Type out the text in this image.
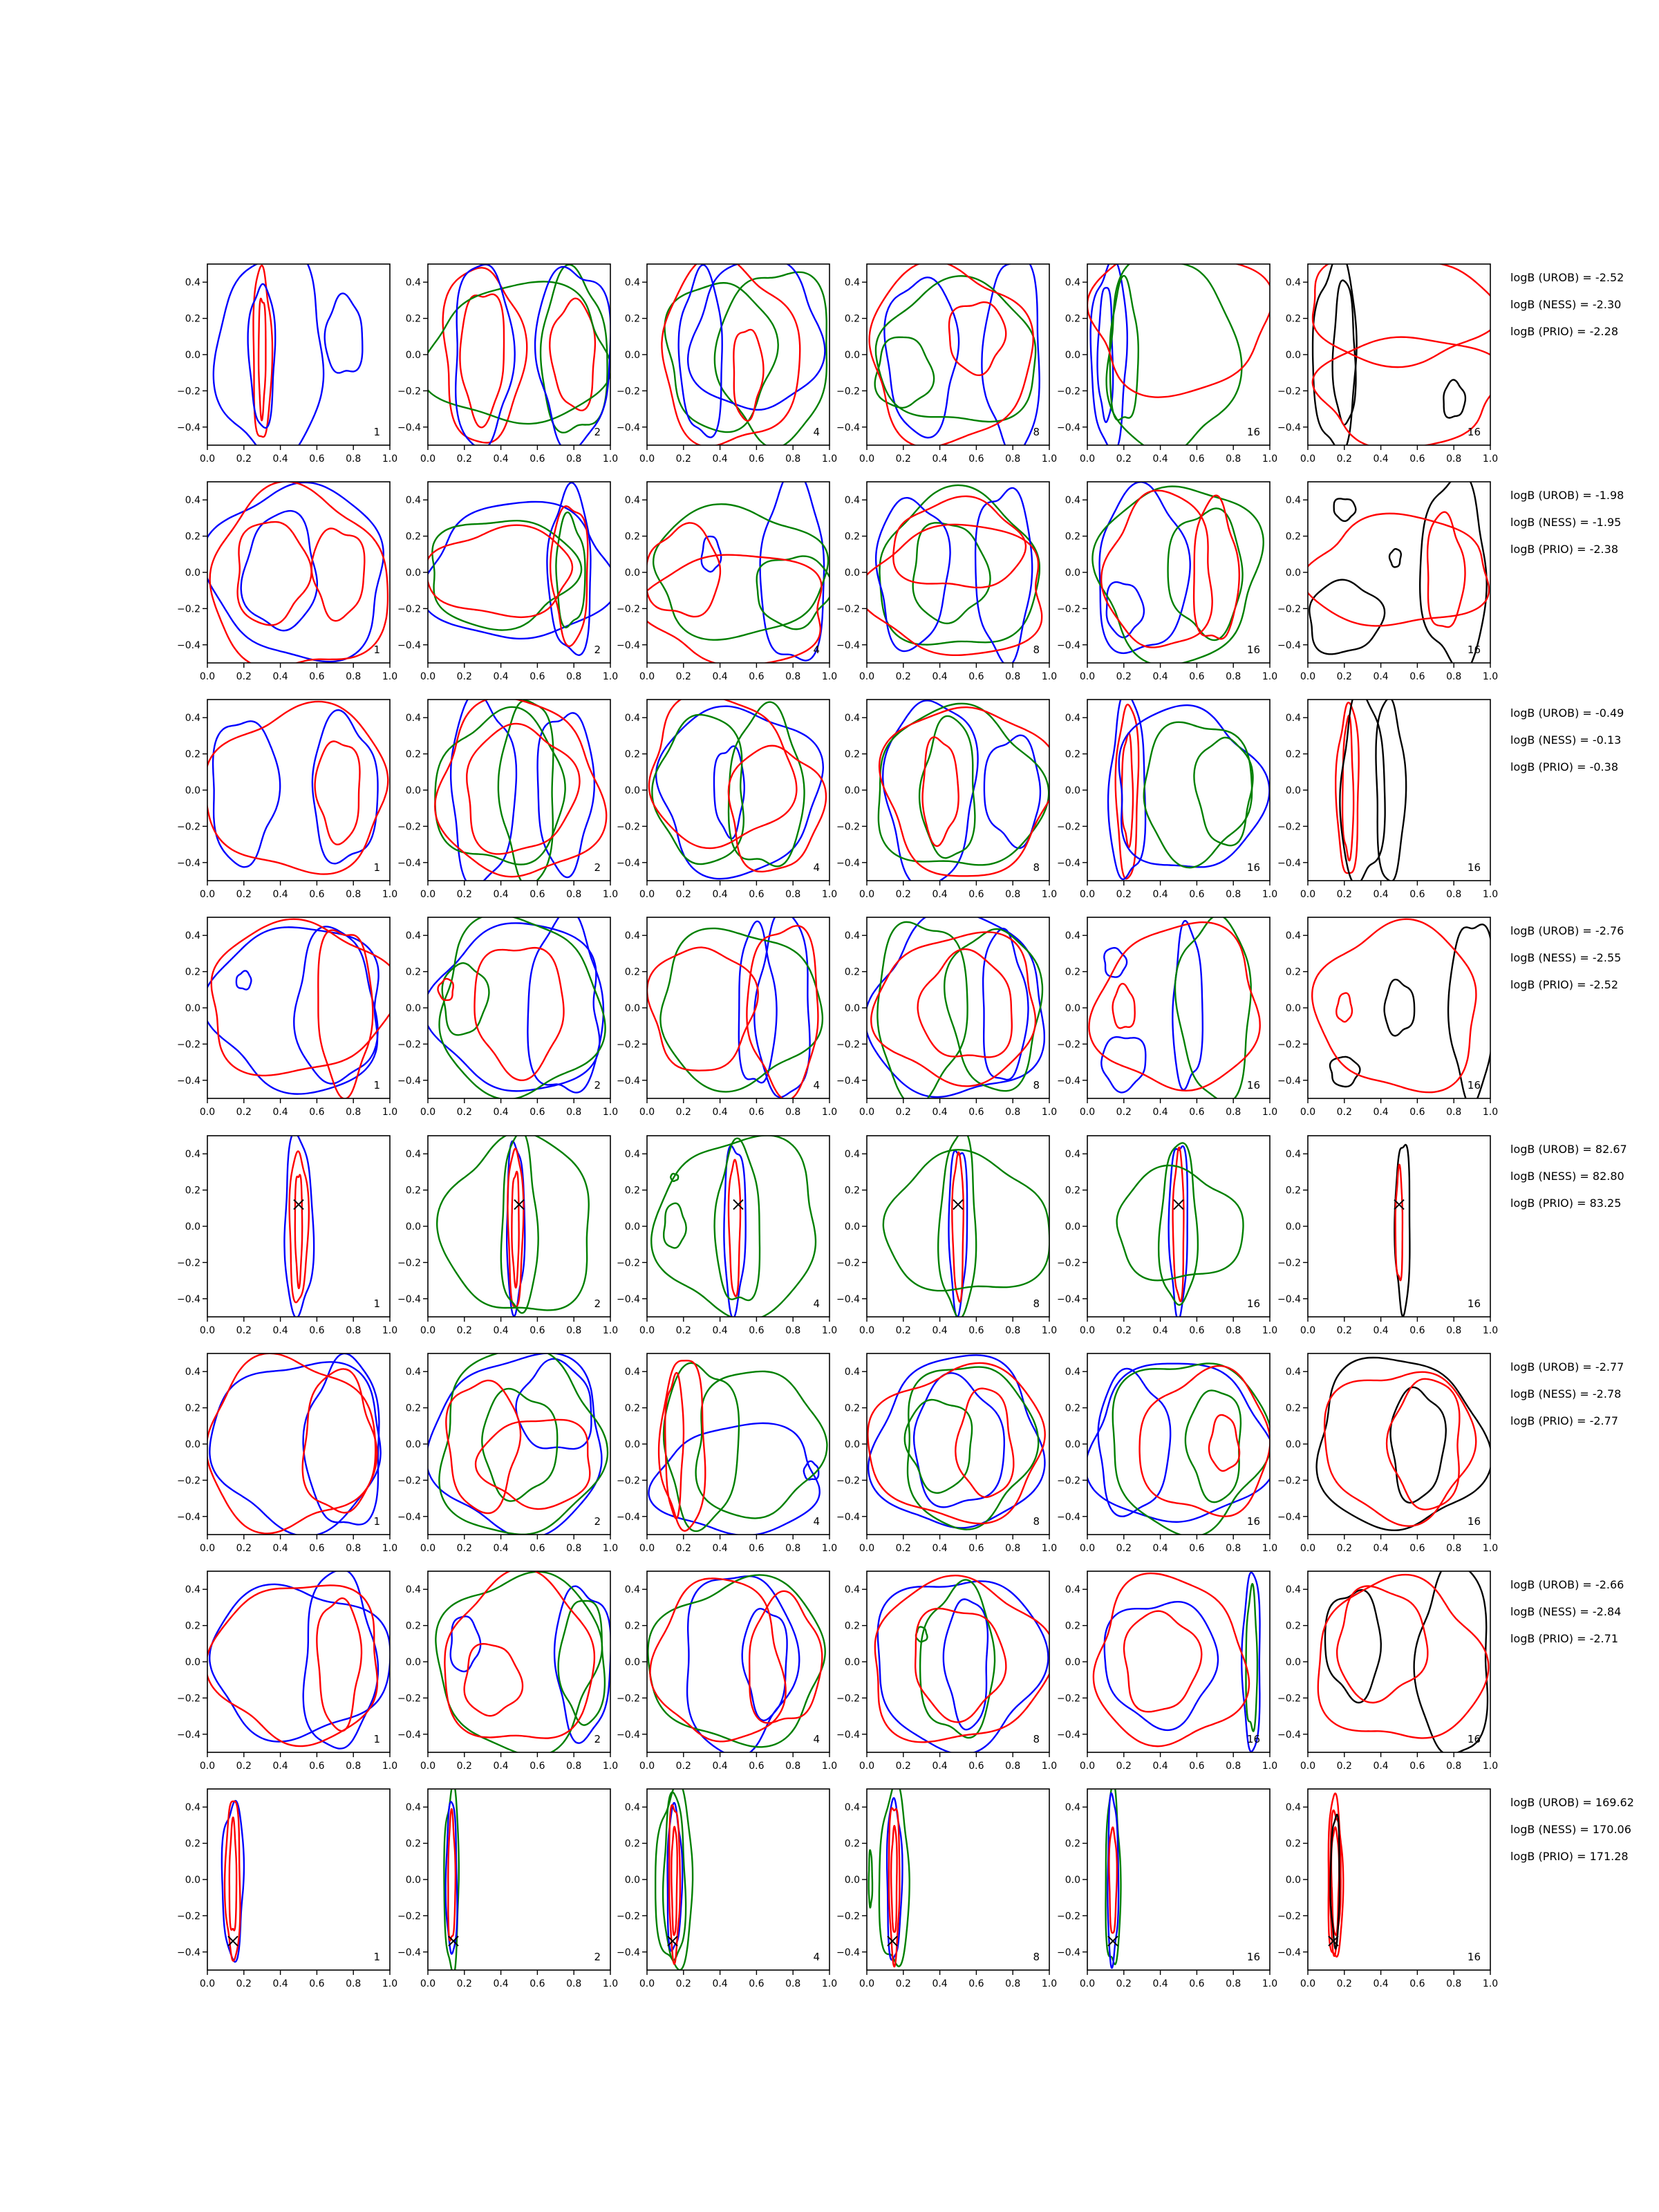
0.0 0.2 0.4 0.6 0.8 1.0
0.4
0.2
0.0
−0.2
−0.4	1
0.0 0.2 0.4 0.6 0.8 1.0
0.4
0.2
0.0
−0.2
−0.4	2
0.0 0.2 0.4 0.6 0.8 1.0
0.4
0.2
0.0
−0.2
−0.4	4
0.0 0.2 0.4 0.6 0.8 1.0
0.4
0.2
0.0
−0.2
−0.4	8
0.0 0.2 0.4 0.6 0.8 1.0
0.4
0.2
0.0
−0.2
−0.4	16
0.0 0.2 0.4 0.6 0.8 1.0
0.4
0.2
0.0
−0.2
−0.4	16
0.0 0.2 0.4 0.6 0.8 1.0
0.4
0.2
0.0
−0.2
−0.4	1
0.0 0.2 0.4 0.6 0.8 1.0
0.4
0.2
0.0
−0.2
−0.4	2
0.0 0.2 0.4 0.6 0.8 1.0
0.4
0.2
0.0
−0.2
−0.4	4
0.0 0.2 0.4 0.6 0.8 1.0
0.4
0.2
0.0
−0.2
−0.4	8
0.0 0.2 0.4 0.6 0.8 1.0
0.4
0.2
0.0
−0.2
−0.4	16
0.0 0.2 0.4 0.6 0.8 1.0
0.4
0.2
0.0
−0.2
−0.4	16
0.0 0.2 0.4 0.6 0.8 1.0
0.4
0.2
0.0
−0.2
−0.4	1
0.0 0.2 0.4 0.6 0.8 1.0
0.4
0.2
0.0
−0.2
−0.4	2
0.0 0.2 0.4 0.6 0.8 1.0
0.4
0.2
0.0
−0.2
−0.4	4
0.0 0.2 0.4 0.6 0.8 1.0
0.4
0.2
0.0
−0.2
−0.4	8
0.0 0.2 0.4 0.6 0.8 1.0
0.4
0.2
0.0
−0.2
−0.4	16
0.0 0.2 0.4 0.6 0.8 1.0
0.4
0.2
0.0
−0.2
−0.4	16
0.0 0.2 0.4 0.6 0.8 1.0
0.4
0.2
0.0
−0.2
−0.4	1
0.0 0.2 0.4 0.6 0.8 1.0
0.4
0.2
0.0
−0.2
−0.4	2
0.0 0.2 0.4 0.6 0.8 1.0
0.4
0.2
0.0
−0.2
−0.4	4
0.0 0.2 0.4 0.6 0.8 1.0
0.4
0.2
0.0
−0.2
−0.4	8
0.0 0.2 0.4 0.6 0.8 1.0
0.4
0.2
0.0
−0.2
−0.4	16
0.0 0.2 0.4 0.6 0.8 1.0
0.4
0.2
0.0
−0.2
−0.4	16
0.0 0.2 0.4 0.6 0.8 1.0
0.4
0.2
0.0
−0.2
−0.4	1
0.0 0.2 0.4 0.6 0.8 1.0
0.4
0.2
0.0
−0.2
−0.4	2
0.0 0.2 0.4 0.6 0.8 1.0
0.4
0.2
0.0
−0.2
−0.4	4
0.0 0.2 0.4 0.6 0.8 1.0
0.4
0.2
0.0
−0.2
−0.4	8
0.0 0.2 0.4 0.6 0.8 1.0
0.4
0.2
0.0
−0.2
−0.4	16
0.0 0.2 0.4 0.6 0.8 1.0
0.4
0.2
0.0
−0.2
−0.4	16
0.0 0.2 0.4 0.6 0.8 1.0
0.4
0.2
0.0
−0.2
−0.4	1
0.0 0.2 0.4 0.6 0.8 1.0
0.4
0.2
0.0
−0.2
−0.4	2
0.0 0.2 0.4 0.6 0.8 1.0
0.4
0.2
0.0
−0.2
−0.4	4
0.0 0.2 0.4 0.6 0.8 1.0
0.4
0.2
0.0
−0.2
−0.4	8
0.0 0.2 0.4 0.6 0.8 1.0
0.4
0.2
0.0
−0.2
−0.4	16
0.0 0.2 0.4 0.6 0.8 1.0
0.4
0.2
0.0
−0.2
−0.4	16
0.0 0.2 0.4 0.6 0.8 1.0
0.4
0.2
0.0
−0.2
−0.4	1
0.0 0.2 0.4 0.6 0.8 1.0
0.4
0.2
0.0
−0.2
−0.4	2
0.0 0.2 0.4 0.6 0.8 1.0
0.4
0.2
0.0
−0.2
−0.4	4
0.0 0.2 0.4 0.6 0.8 1.0
0.4
0.2
0.0
−0.2
−0.4	8
0.0 0.2 0.4 0.6 0.8 1.0
0.4
0.2
0.0
−0.2
−0.4	16
0.0 0.2 0.4 0.6 0.8 1.0
0.4
0.2
0.0
−0.2
−0.4	16
0.0 0.2 0.4 0.6 0.8 1.0
0.4
0.2
0.0
−0.2
−0.4	1
0.0 0.2 0.4 0.6 0.8 1.0
0.4
0.2
0.0
−0.2
−0.4	2
0.0 0.2 0.4 0.6 0.8 1.0
0.4
0.2
0.0
−0.2
−0.4	4
0.0 0.2 0.4 0.6 0.8 1.0
0.4
0.2
0.0
−0.2
−0.4	8
0.0 0.2 0.4 0.6 0.8 1.0
0.4
0.2
0.0
−0.2
−0.4	16
0.0 0.2 0.4 0.6 0.8 1.0
0.4
0.2
0.0
−0.2
−0.4	16
logB (UROB) = -2.52
logB (NESS) = -2.30
logB (PRIO) = -2.28
logB (UROB) = -1.98
logB (NESS) = -1.95
logB (PRIO) = -2.38
logB (UROB) = -0.49
logB (NESS) = -0.13
logB (PRIO) = -0.38
logB (UROB) = -2.76
logB (NESS) = -2.55
logB (PRIO) = -2.52
logB (UROB) = 82.67
logB (NESS) = 82.80
logB (PRIO) = 83.25
logB (UROB) = -2.77
logB (NESS) = -2.78
logB (PRIO) = -2.77
logB (UROB) = -2.66
logB (NESS) = -2.84
logB (PRIO) = -2.71
logB (UROB) = 169.62
logB (NESS) = 170.06
logB (PRIO) = 171.28
